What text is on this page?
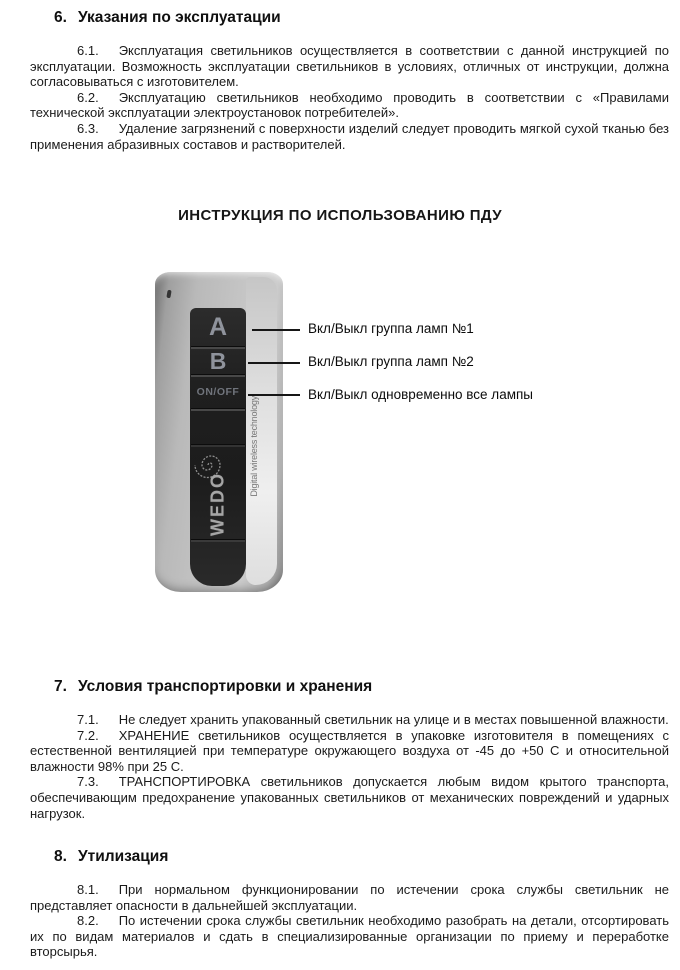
6. Указания по эксплуатации

6.1. Эксплуатация светильников осуществляется в соответствии с данной инструкцией по эксплуатации. Возможность эксплуатации светильников в условиях, отличных от инструкции, должна согласовываться с изготовителем.

6.2. Эксплуатацию светильников необходимо проводить в соответствии с «Правилами технической эксплуатации электроустановок потребителей».

6.3. Удаление загрязнений с поверхности изделий следует проводить мягкой сухой тканью без применения абразивных составов и растворителей.

ИНСТРУКЦИЯ ПО ИСПОЛЬЗОВАНИЮ ПДУ
A
B
ON/OFF
WEDO
Digital wireless technology
Вкл/Выкл группа ламп №1
Вкл/Выкл группа ламп №2
Вкл/Выкл одновременно все лампы
7. Условия транспортировки и хранения

7.1. Не следует хранить упакованный светильник на улице и в местах повышенной влажности.

7.2. ХРАНЕНИЕ светильников осуществляется в упаковке изготовителя в помещениях с естественной вентиляцией при температуре окружающего воздуха от -45 до +50 С и относительной влажности 98% при 25 С.

7.3. ТРАНСПОРТИРОВКА светильников допускается любым видом крытого транспорта, обеспечивающим предохранение упакованных светильников от механических повреждений и ударных нагрузок.

8. Утилизация

8.1. При нормальном функционировании по истечении срока службы светильник не представляет опасности в дальнейшей эксплуатации.

8.2. По истечении срока службы светильник необходимо разобрать на детали, отсортировать их по видам материалов и сдать в специализированные организации по приему и переработке вторсырья.
